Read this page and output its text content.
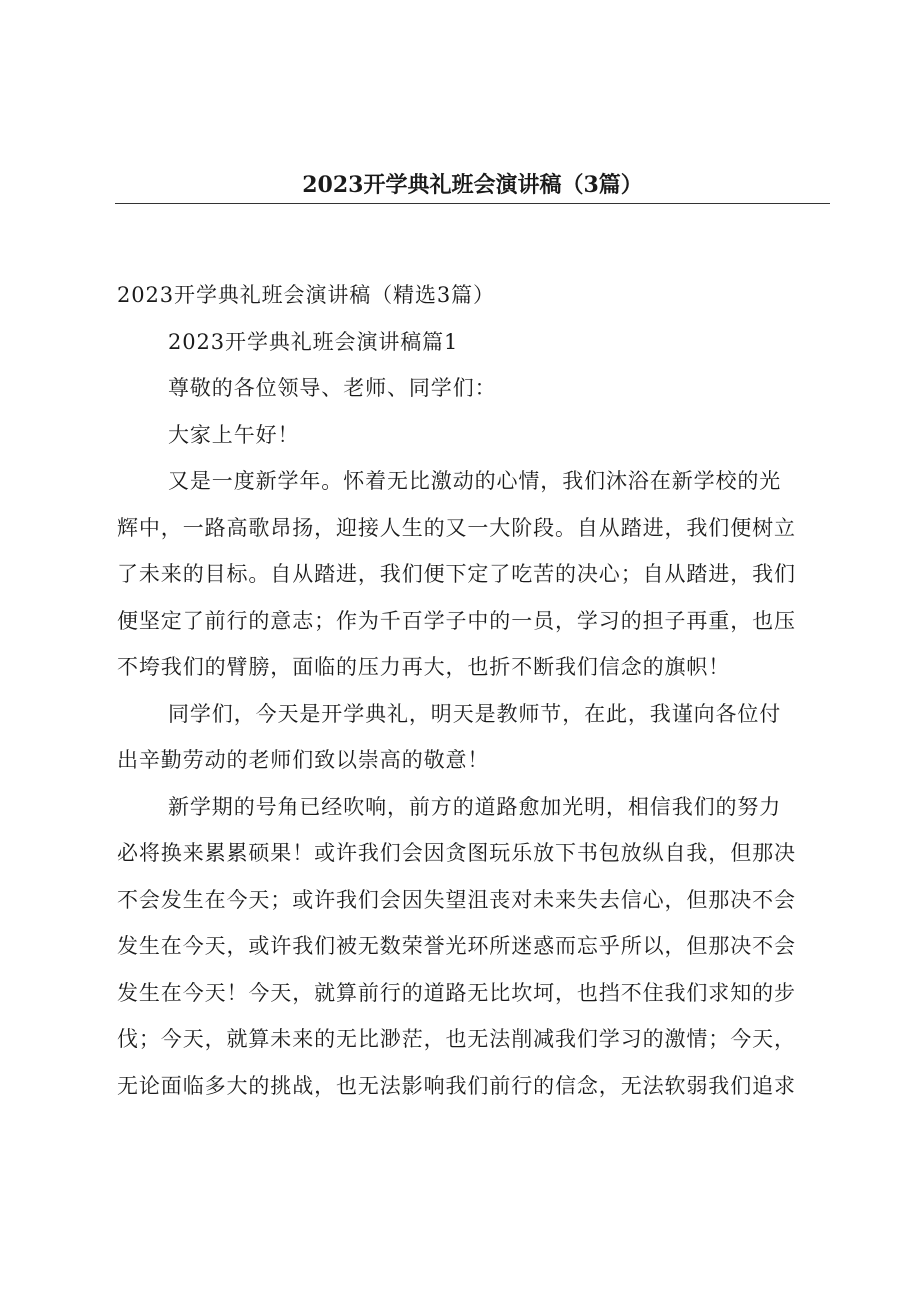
2023开学典礼班会演讲稿（3篇）

2023开学典礼班会演讲稿（精选3篇）

2023开学典礼班会演讲稿篇1

尊敬的各位领导、老师、同学们：

大家上午好！

又是一度新学年。怀着无比激动的心情，我们沐浴在新学校的光
辉中，一路高歌昂扬，迎接人生的又一大阶段。自从踏进，我们便树立
了未来的目标。自从踏进，我们便下定了吃苦的决心；自从踏进，我们
便坚定了前行的意志；作为千百学子中的一员，学习的担子再重，也压
不垮我们的臂膀，面临的压力再大，也折不断我们信念的旗帜！
同学们，今天是开学典礼，明天是教师节，在此，我谨向各位付
出辛勤劳动的老师们致以崇高的敬意！
新学期的号角已经吹响，前方的道路愈加光明，相信我们的努力
必将换来累累硕果！或许我们会因贪图玩乐放下书包放纵自我，但那决
不会发生在今天；或许我们会因失望沮丧对未来失去信心，但那决不会
发生在今天，或许我们被无数荣誉光环所迷惑而忘乎所以，但那决不会
发生在今天！今天，就算前行的道路无比坎坷，也挡不住我们求知的步
伐；今天，就算未来的无比渺茫，也无法削减我们学习的激情；今天，
无论面临多大的挑战，也无法影响我们前行的信念，无法软弱我们追求
